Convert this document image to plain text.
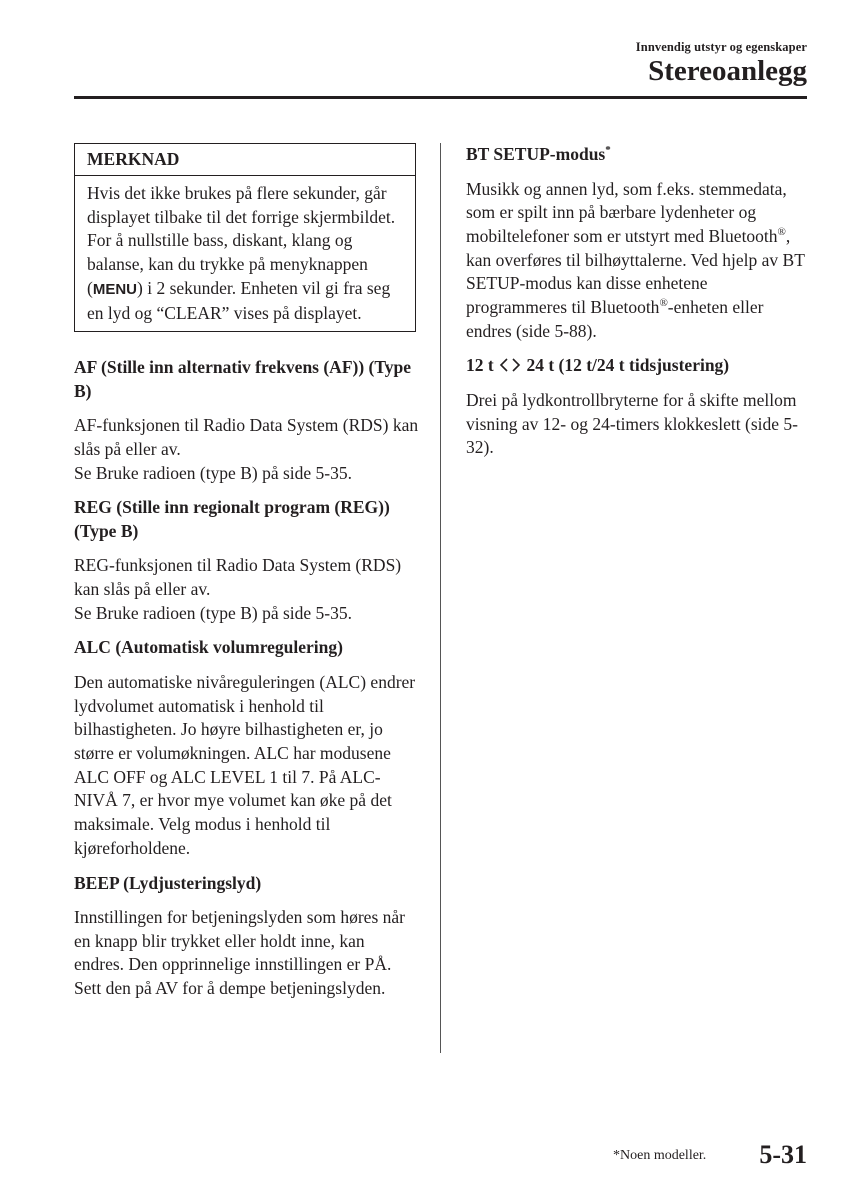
Innvendig utstyr og egenskaper
Stereoanlegg
MERKNAD
Hvis det ikke brukes på flere sekunder, går displayet tilbake til det forrige skjermbildet. For å nullstille bass, diskant, klang og balanse, kan du trykke på menyknappen (MENU) i 2 sekunder. Enheten vil gi fra seg en lyd og “CLEAR” vises på displayet.
AF (Stille inn alternativ frekvens (AF)) (Type B)
AF-funksjonen til Radio Data System (RDS) kan slås på eller av.
Se Bruke radioen (type B) på side 5-35.
REG (Stille inn regionalt program (REG)) (Type B)
REG-funksjonen til Radio Data System (RDS) kan slås på eller av.
Se Bruke radioen (type B) på side 5-35.
ALC (Automatisk volumregulering)
Den automatiske nivåreguleringen (ALC) endrer lydvolumet automatisk i henhold til bilhastigheten. Jo høyre bilhastigheten er, jo større er volumøkningen. ALC har modusene ALC OFF og ALC LEVEL 1 til 7. På ALC-NIVÅ 7, er hvor mye volumet kan øke på det maksimale. Velg modus i henhold til kjøreforholdene.
BEEP (Lydjusteringslyd)
Innstillingen for betjeningslyden som høres når en knapp blir trykket eller holdt inne, kan endres. Den opprinnelige innstillingen er PÅ. Sett den på AV for å dempe betjeningslyden.
BT SETUP-modus*
Musikk og annen lyd, som f.eks. stemmedata, som er spilt inn på bærbare lydenheter og mobiltelefoner som er utstyrt med Bluetooth®, kan overføres til bilhøyttalerne. Ved hjelp av BT SETUP-modus kan disse enhetene programmeres til Bluetooth®-enheten eller endres (side 5-88).
12 t 24 t (12 t/24 t tidsjustering)
Drei på lydkontrollbryterne for å skifte mellom visning av 12- og 24-timers klokkeslett (side 5-32).
*Noen modeller. 5-31
